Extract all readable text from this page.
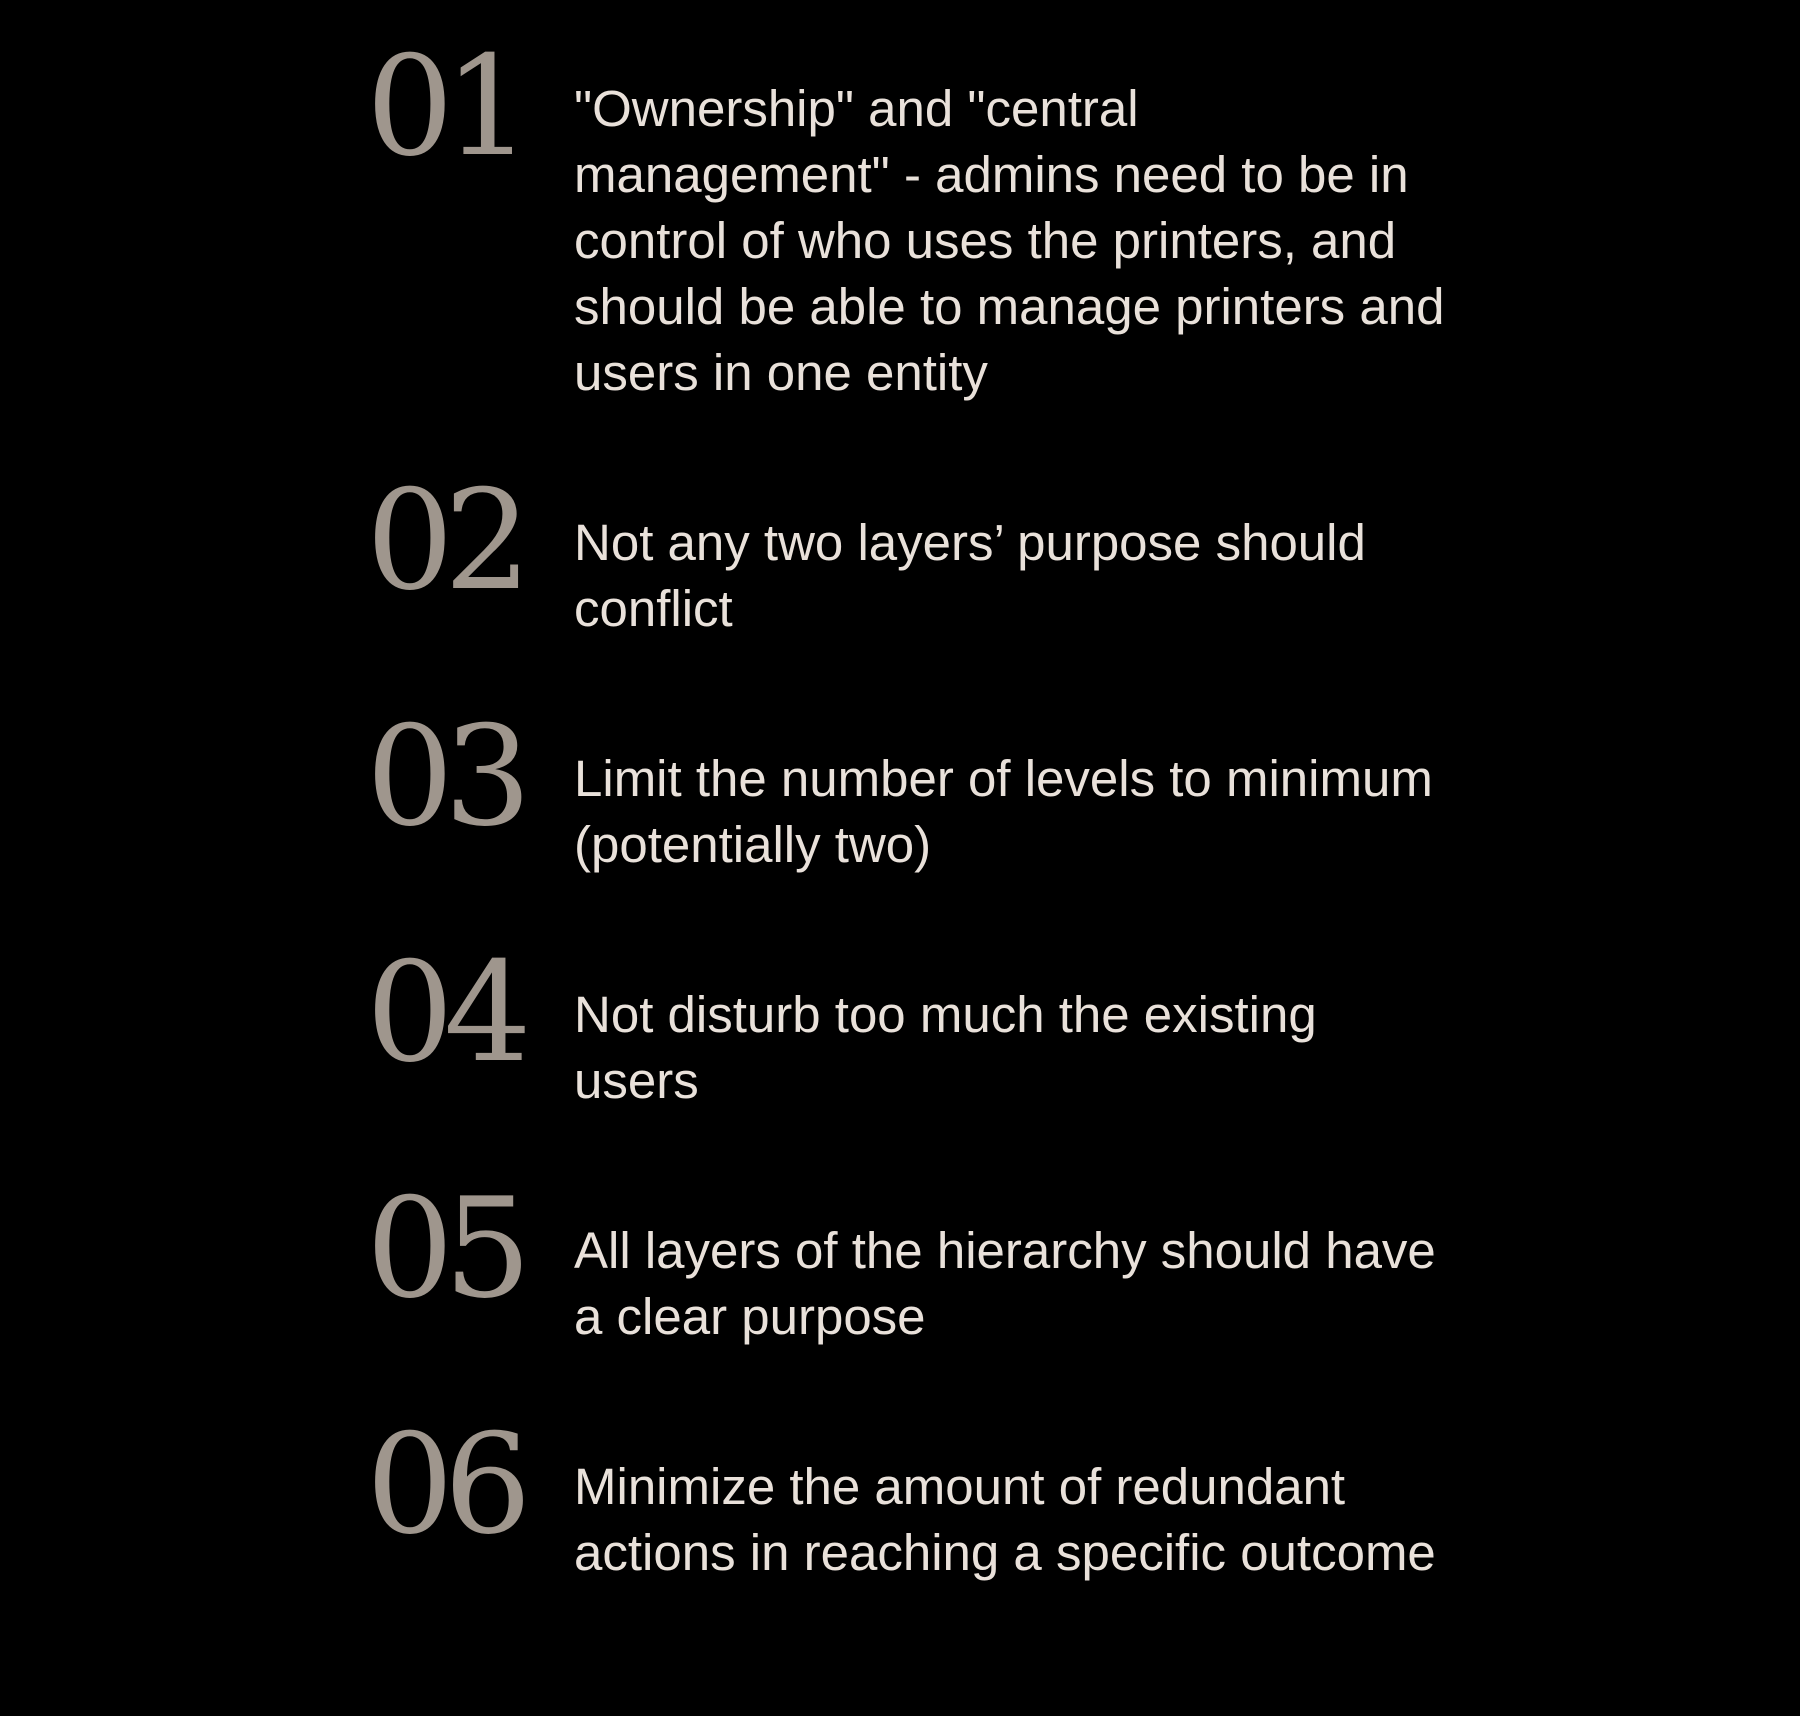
01 "Ownership" and "central management" - admins need to be in control of who uses the printers, and should be able to manage printers and users in one entity

02 Not any two layers’ purpose should conflict

03 Limit the number of levels to minimum (potentially two)

04 Not disturb too much the existing users

05 All layers of the hierarchy should have a clear purpose

06 Minimize the amount of redundant actions in reaching a specific outcome
